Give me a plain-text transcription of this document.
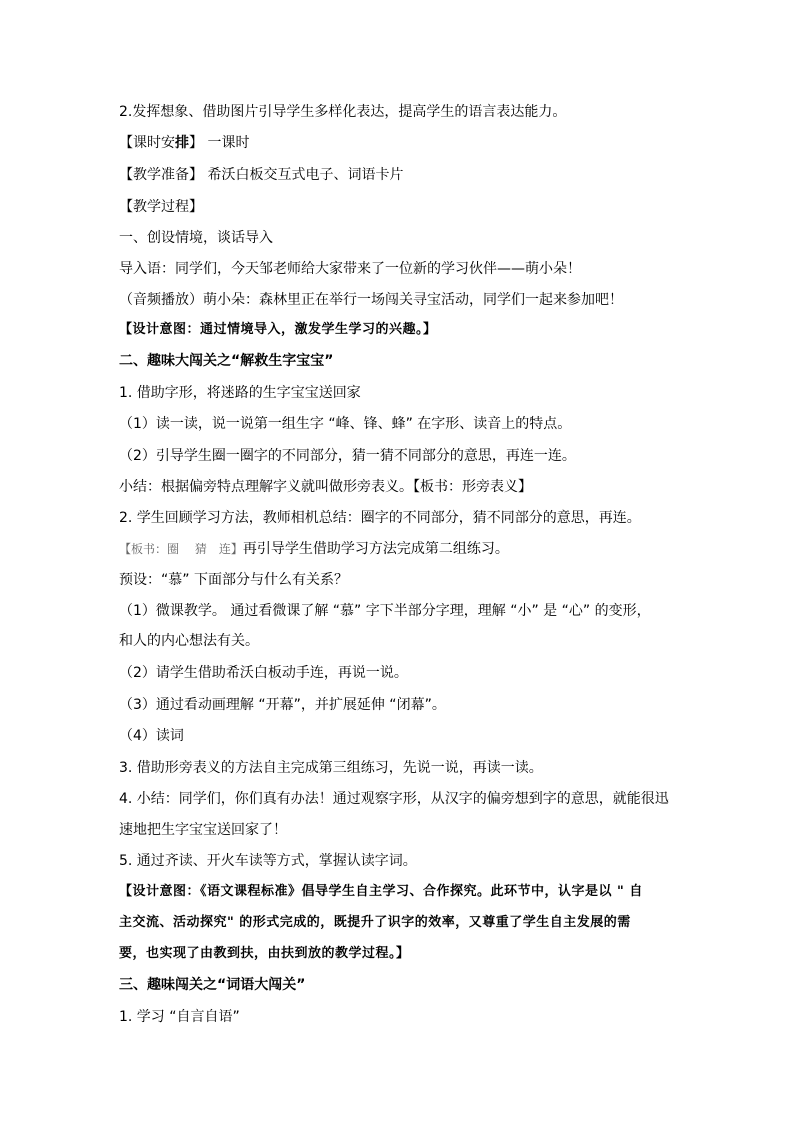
2.发挥想象、借助图片引导学生多样化表达，提高学生的语言表达能力。
【课时安排】 一课时
【教学准备】 希沃白板交互式电子、词语卡片
【教学过程】
一、创设情境，谈话导入
导入语：同学们，今天邹老师给大家带来了一位新的学习伙伴——萌小朵！
（音频播放）萌小朵：森林里正在举行一场闯关寻宝活动，同学们一起来参加吧！
【设计意图：通过情境导入，激发学生学习的兴趣。】
二、趣味大闯关之“解救生字宝宝”
1. 借助字形，将迷路的生字宝宝送回家
（1）读一读，说一说第一组生字 “峰、锋、蜂” 在字形、读音上的特点。
（2）引导学生圈一圈字的不同部分，猜一猜不同部分的意思，再连一连。
小结：根据偏旁特点理解字义就叫做形旁表义。【板书：形旁表义】
2. 学生回顾学习方法，教师相机总结：圈字的不同部分，猜不同部分的意思，再连。
【板书：圈　 猜　连】再引导学生借助学习方法完成第二组练习。
预设：“慕” 下面部分与什么有关系？
（1）微课教学。 通过看微课了解 “慕” 字下半部分字理，理解 “小” 是 “心” 的变形，
和人的内心想法有关。
（2）请学生借助希沃白板动手连，再说一说。
（3）通过看动画理解 “开幕”，并扩展延伸 “闭幕”。
（4）读词
3. 借助形旁表义的方法自主完成第三组练习，先说一说，再读一读。
4. 小结：同学们，你们真有办法！通过观察字形，从汉字的偏旁想到字的意思，就能很迅
速地把生字宝宝送回家了！
5. 通过齐读、开火车读等方式，掌握认读字词。
【设计意图：《语文课程标准》倡导学生自主学习、合作探究。此环节中，认字是以 " 自
主交流、活动探究" 的形式完成的，既提升了识字的效率，又尊重了学生自主发展的需
要，也实现了由教到扶，由扶到放的教学过程。】
三、趣味闯关之“词语大闯关”
1. 学习 “自言自语”
